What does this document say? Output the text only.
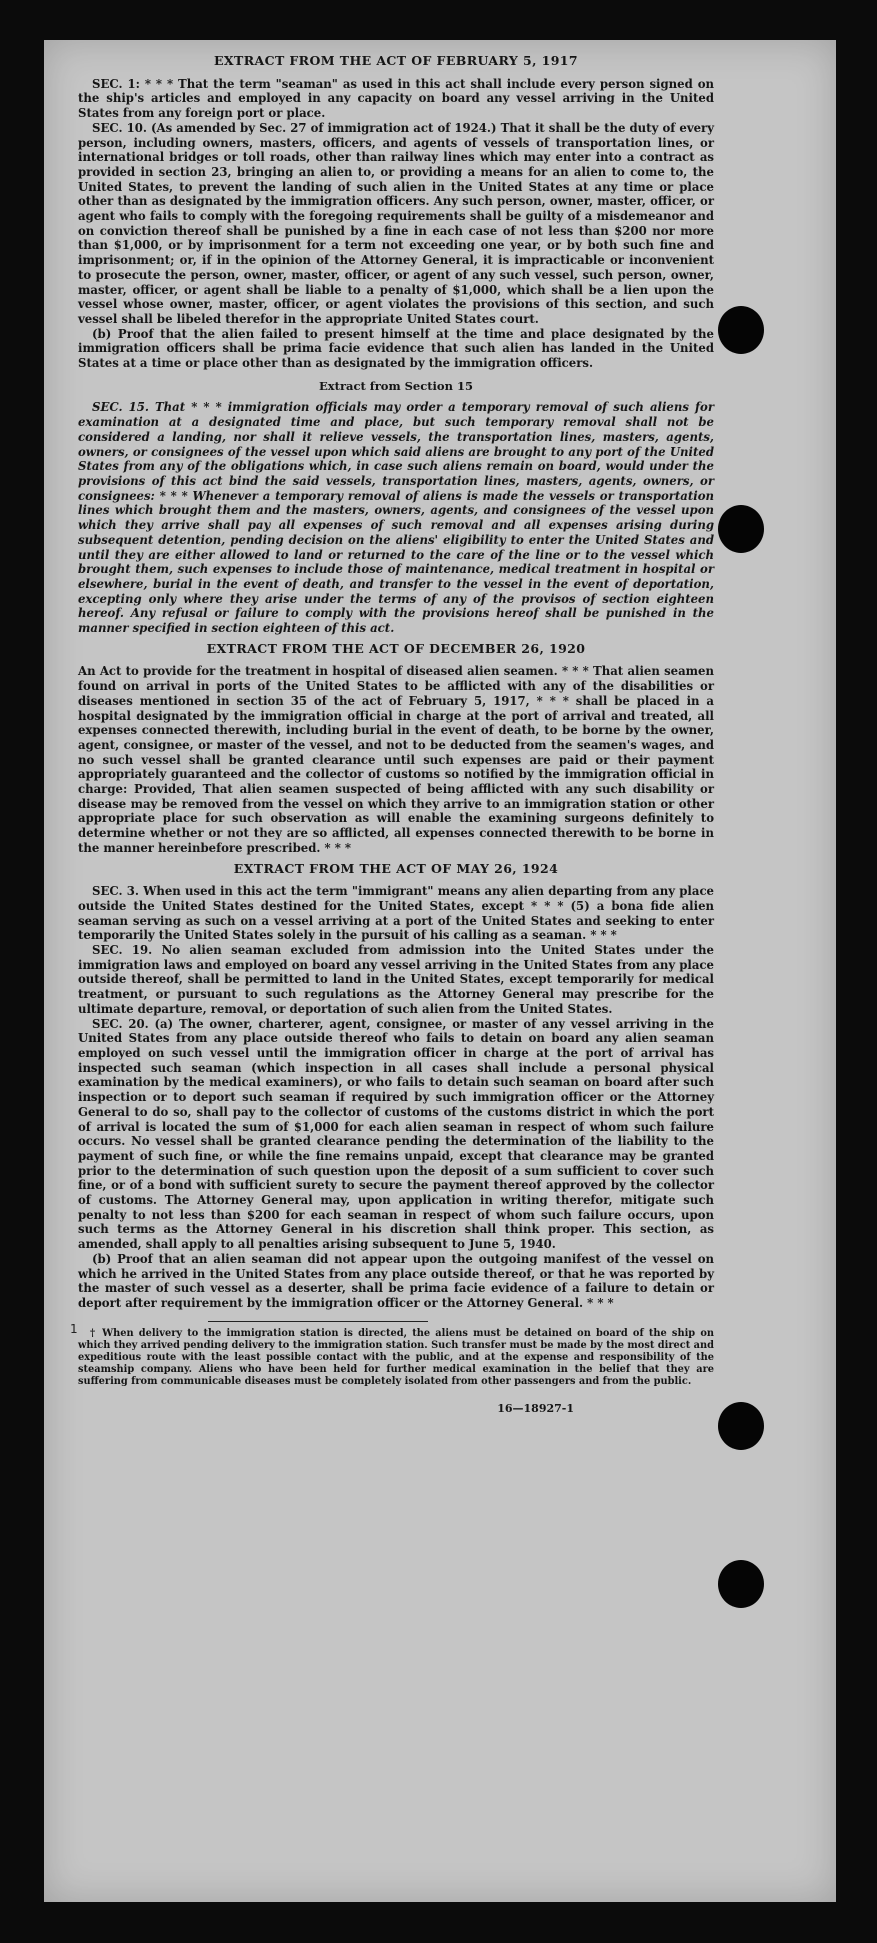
EXTRACT FROM THE ACT OF FEBRUARY 5, 1917

SEC. 1: * * * That the term "seaman" as used in this act shall include every person signed on the ship's articles and employed in any capacity on board any vessel arriving in the United States from any foreign port or place.

SEC. 10. (As amended by Sec. 27 of immigration act of 1924.) That it shall be the duty of every person, including owners, masters, officers, and agents of vessels of transportation lines, or international bridges or toll roads, other than railway lines which may enter into a contract as provided in section 23, bringing an alien to, or providing a means for an alien to come to, the United States, to prevent the landing of such alien in the United States at any time or place other than as designated by the immigration officers. Any such person, owner, master, officer, or agent who fails to comply with the foregoing requirements shall be guilty of a misdemeanor and on conviction thereof shall be punished by a fine in each case of not less than $200 nor more than $1,000, or by imprisonment for a term not exceeding one year, or by both such fine and imprisonment; or, if in the opinion of the Attorney General, it is impracticable or inconvenient to prosecute the person, owner, master, officer, or agent of any such vessel, such person, owner, master, officer, or agent shall be liable to a penalty of $1,000, which shall be a lien upon the vessel whose owner, master, officer, or agent violates the provisions of this section, and such vessel shall be libeled therefor in the appropriate United States court.

(b) Proof that the alien failed to present himself at the time and place designated by the immigration officers shall be prima facie evidence that such alien has landed in the United States at a time or place other than as designated by the immigration officers.

Extract from Section 15

SEC. 15. That * * * immigration officials may order a temporary removal of such aliens for examination at a designated time and place, but such temporary removal shall not be considered a landing, nor shall it relieve vessels, the transportation lines, masters, agents, owners, or consignees of the vessel upon which said aliens are brought to any port of the United States from any of the obligations which, in case such aliens remain on board, would under the provisions of this act bind the said vessels, transportation lines, masters, agents, owners, or consignees: * * * Whenever a temporary removal of aliens is made the vessels or transportation lines which brought them and the masters, owners, agents, and consignees of the vessel upon which they arrive shall pay all expenses of such removal and all expenses arising during subsequent detention, pending decision on the aliens' eligibility to enter the United States and until they are either allowed to land or returned to the care of the line or to the vessel which brought them, such expenses to include those of maintenance, medical treatment in hospital or elsewhere, burial in the event of death, and transfer to the vessel in the event of deportation, excepting only where they arise under the terms of any of the provisos of section eighteen hereof. Any refusal or failure to comply with the provisions hereof shall be punished in the manner specified in section eighteen of this act.

EXTRACT FROM THE ACT OF DECEMBER 26, 1920

An Act to provide for the treatment in hospital of diseased alien seamen. * * * That alien seamen found on arrival in ports of the United States to be afflicted with any of the disabilities or diseases mentioned in section 35 of the act of February 5, 1917, * * * shall be placed in a hospital designated by the immigration official in charge at the port of arrival and treated, all expenses connected therewith, including burial in the event of death, to be borne by the owner, agent, consignee, or master of the vessel, and not to be deducted from the seamen's wages, and no such vessel shall be granted clearance until such expenses are paid or their payment appropriately guaranteed and the collector of customs so notified by the immigration official in charge: Provided, That alien seamen suspected of being afflicted with any such disability or disease may be removed from the vessel on which they arrive to an immigration station or other appropriate place for such observation as will enable the examining surgeons definitely to determine whether or not they are so afflicted, all expenses connected therewith to be borne in the manner hereinbefore prescribed. * * *

EXTRACT FROM THE ACT OF MAY 26, 1924

SEC. 3. When used in this act the term "immigrant" means any alien departing from any place outside the United States destined for the United States, except * * * (5) a bona fide alien seaman serving as such on a vessel arriving at a port of the United States and seeking to enter temporarily the United States solely in the pursuit of his calling as a seaman. * * *

SEC. 19. No alien seaman excluded from admission into the United States under the immigration laws and employed on board any vessel arriving in the United States from any place outside thereof, shall be permitted to land in the United States, except temporarily for medical treatment, or pursuant to such regulations as the Attorney General may prescribe for the ultimate departure, removal, or deportation of such alien from the United States.

SEC. 20. (a) The owner, charterer, agent, consignee, or master of any vessel arriving in the United States from any place outside thereof who fails to detain on board any alien seaman employed on such vessel until the immigration officer in charge at the port of arrival has inspected such seaman (which inspection in all cases shall include a personal physical examination by the medical examiners), or who fails to detain such seaman on board after such inspection or to deport such seaman if required by such immigration officer or the Attorney General to do so, shall pay to the collector of customs of the customs district in which the port of arrival is located the sum of $1,000 for each alien seaman in respect of whom such failure occurs. No vessel shall be granted clearance pending the determination of the liability to the payment of such fine, or while the fine remains unpaid, except that clearance may be granted prior to the determination of such question upon the deposit of a sum sufficient to cover such fine, or of a bond with sufficient surety to secure the payment thereof approved by the collector of customs. The Attorney General may, upon application in writing therefor, mitigate such penalty to not less than $200 for each seaman in respect of whom such failure occurs, upon such terms as the Attorney General in his discretion shall think proper. This section, as amended, shall apply to all penalties arising subsequent to June 5, 1940.

(b) Proof that an alien seaman did not appear upon the outgoing manifest of the vessel on which he arrived in the United States from any place outside thereof, or that he was reported by the master of such vessel as a deserter, shall be prima facie evidence of a failure to detain or deport after requirement by the immigration officer or the Attorney General. * * *

† When delivery to the immigration station is directed, the aliens must be detained on board of the ship on which they arrived pending delivery to the immigration station. Such transfer must be made by the most direct and expeditious route with the least possible contact with the public, and at the expense and responsibility of the steamship company. Aliens who have been held for further medical examination in the belief that they are suffering from communicable diseases must be completely isolated from other passengers and from the public.

16—18927-1
1
